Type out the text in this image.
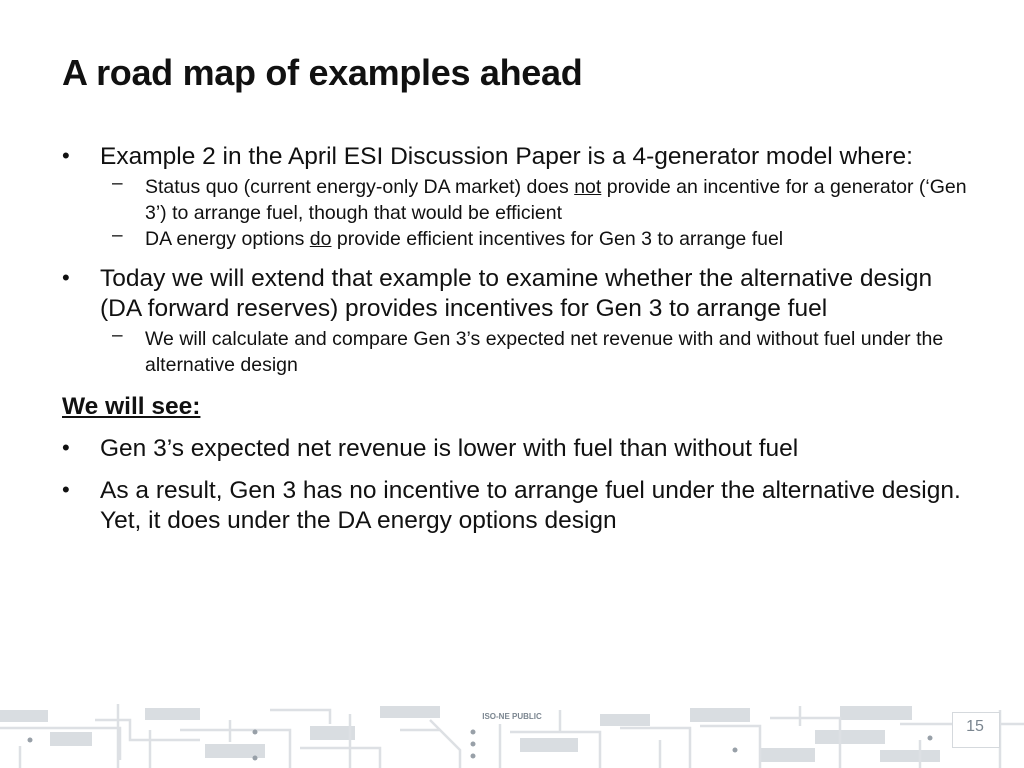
A road map of examples ahead
• Example 2 in the April ESI Discussion Paper is a 4-generator model where:
– Status quo (current energy-only DA market) does not provide an incentive for a generator (‘Gen 3’) to arrange fuel, though that would be efficient
– DA energy options do provide efficient incentives for Gen 3 to arrange fuel
• Today we will extend that example to examine whether the alternative design (DA forward reserves) provides incentives for Gen 3 to arrange fuel
– We will calculate and compare Gen 3’s expected net revenue with and without fuel under the alternative design
We will see:
• Gen 3’s expected net revenue is lower with fuel than without fuel
• As a result, Gen 3 has no incentive to arrange fuel under the alternative design. Yet, it does under the DA energy options design
ISO-NE PUBLIC
15
